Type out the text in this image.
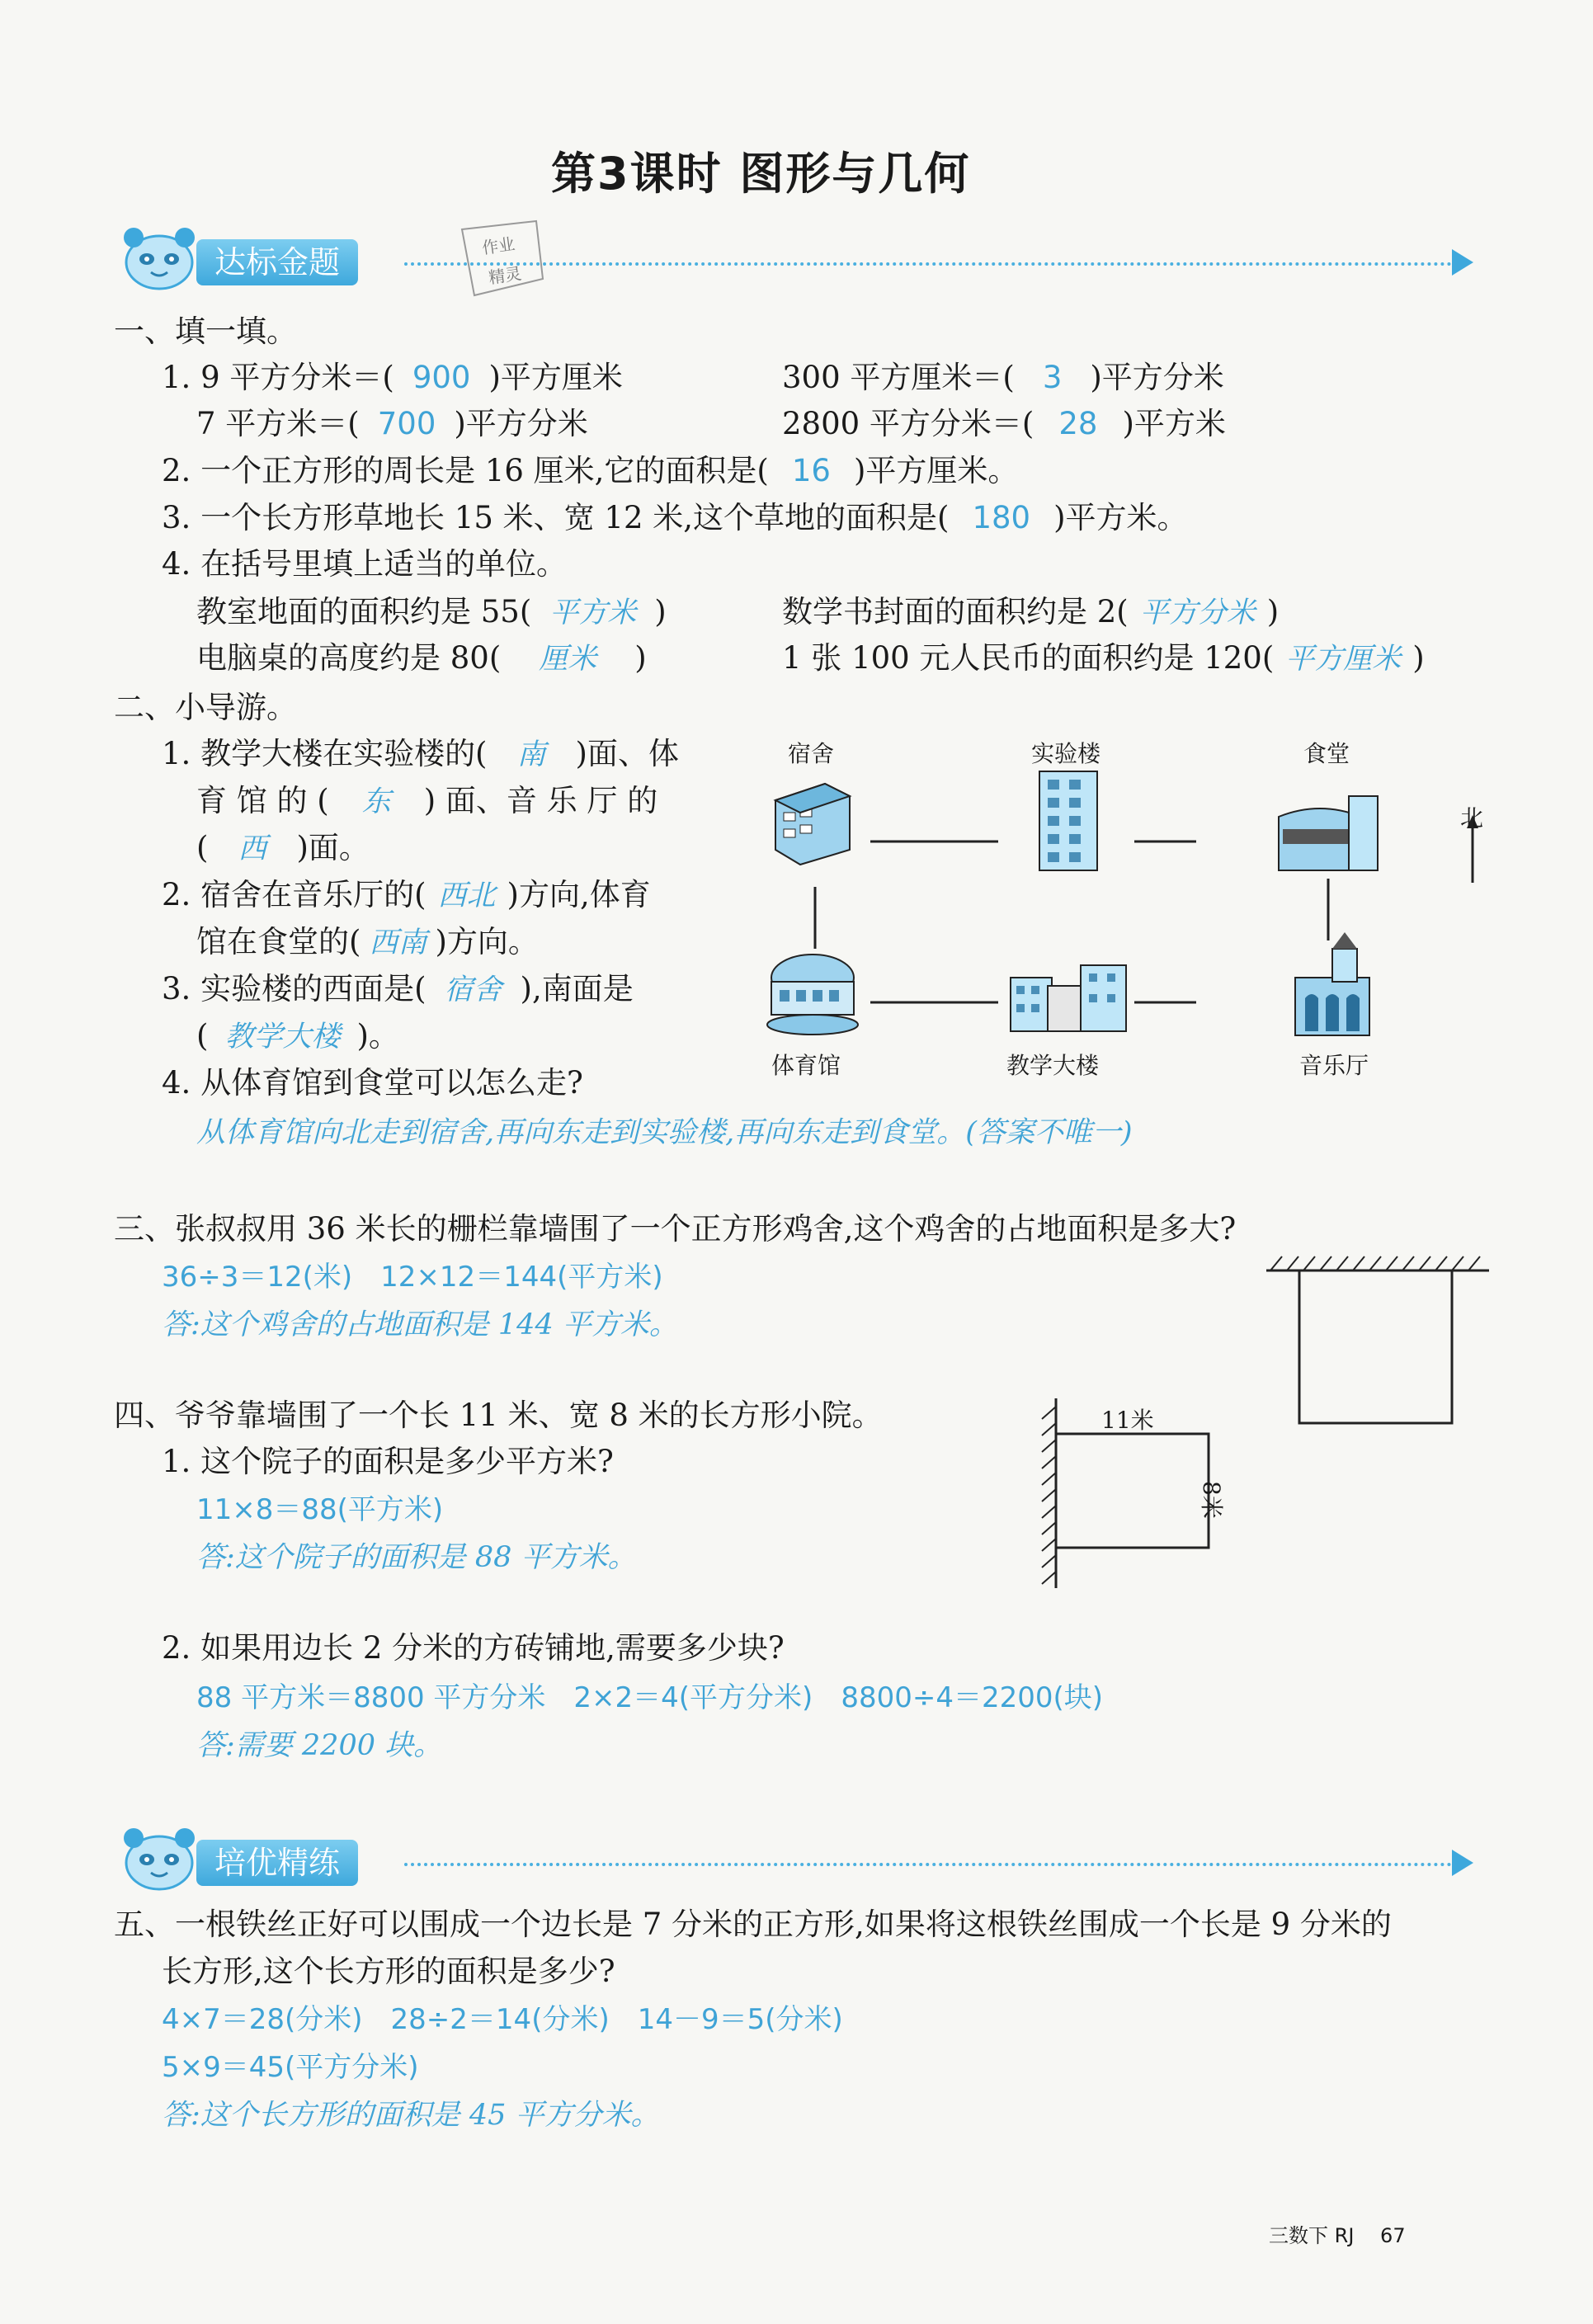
第3课时 图形与几何
达标金题	作业
精灵
一、填一填。
1. 9 平方分米＝( 900 )平方厘米	300 平方厘米＝( 3 )平方分米
7 平方米＝( 700 )平方分米	2800 平方分米＝( 28 )平方米
2. 一个正方形的周长是 16 厘米,它的面积是( 16 )平方厘米。
3. 一个长方形草地长 15 米、宽 12 米,这个草地的面积是( 180 )平方米。
4. 在括号里填上适当的单位。
教室地面的面积约是 55( 平方米 )	数学书封面的面积约是 2( 平方分米 )
电脑桌的高度约是 80( 厘米 )	1 张 100 元人民币的面积约是 120( 平方厘米 )
二、小导游。
1. 教学大楼在实验楼的( 南 )面、体
育 馆 的 ( 东 ) 面、音 乐 厅 的
( 西 )面。
2. 宿舍在音乐厅的( 西北 )方向,体育
馆在食堂的( 西南 )方向。
3. 实验楼的西面是( 宿舍 ),南面是
( 教学大楼 )。
4. 从体育馆到食堂可以怎么走?
从体育馆向北走到宿舍,再向东走到实验楼,再向东走到食堂。(答案不唯一)
宿舍	实验楼	食堂
体育馆	教学大楼	音乐厅
北
三、张叔叔用 36 米长的栅栏靠墙围了一个正方形鸡舍,这个鸡舍的占地面积是多大?
36÷3＝12(米)　12×12＝144(平方米)
答:这个鸡舍的占地面积是 144 平方米。
四、爷爷靠墙围了一个长 11 米、宽 8 米的长方形小院。
1. 这个院子的面积是多少平方米?
11×8＝88(平方米)
答:这个院子的面积是 88 平方米。
2. 如果用边长 2 分米的方砖铺地,需要多少块?
88 平方米＝8800 平方分米　2×2＝4(平方分米)　8800÷4＝2200(块)
答:需要 2200 块。
11米
8米
培优精练
五、一根铁丝正好可以围成一个边长是 7 分米的正方形,如果将这根铁丝围成一个长是 9 分米的
长方形,这个长方形的面积是多少?
4×7＝28(分米)　28÷2＝14(分米)　14－9＝5(分米)
5×9＝45(平方分米)
答:这个长方形的面积是 45 平方分米。
三数下 RJ 67
